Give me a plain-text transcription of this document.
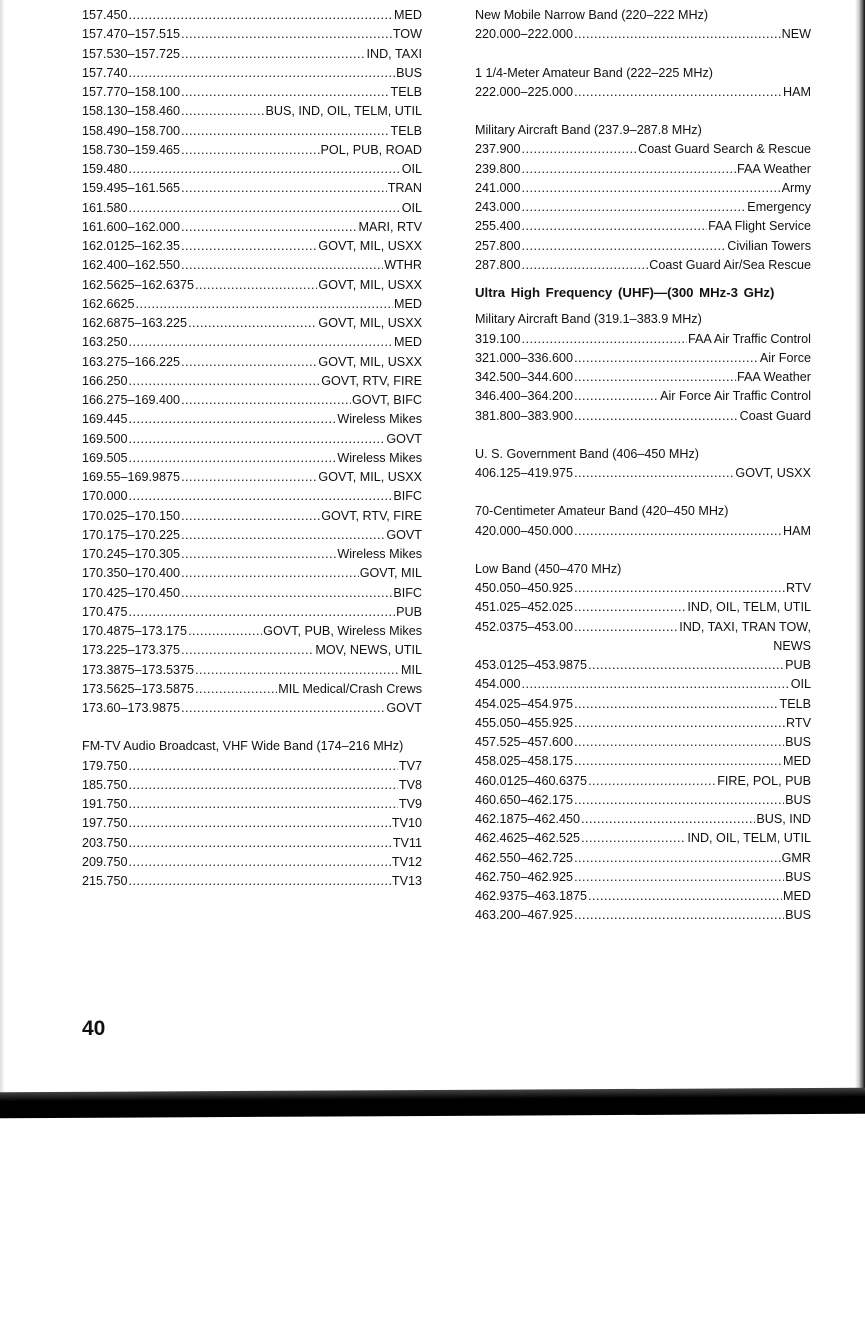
157.450 .....	MED
157.470–157.515 .....	TOW
157.530–157.725 .....	IND, TAXI
157.740 .....	BUS
157.770–158.100 .....	TELB
158.130–158.460 .....	BUS, IND, OIL, TELM, UTIL
158.490–158.700 .....	TELB
158.730–159.465 .....	POL, PUB, ROAD
159.480 .....	OIL
159.495–161.565 .....	TRAN
161.580 .....	OIL
161.600–162.000 .....	MARI, RTV
162.0125–162.35 .....	GOVT, MIL, USXX
162.400–162.550 .....	WTHR
162.5625–162.6375 .....	GOVT, MIL, USXX
162.6625 .....	MED
162.6875–163.225 .....	GOVT, MIL, USXX
163.250 .....	MED
163.275–166.225 .....	GOVT, MIL, USXX
166.250 .....	GOVT, RTV, FIRE
166.275–169.400 .....	GOVT, BIFC
169.445 .....	Wireless Mikes
169.500 .....	GOVT
169.505 .....	Wireless Mikes
169.55–169.9875 .....	GOVT, MIL, USXX
170.000 .....	BIFC
170.025–170.150 .....	GOVT, RTV, FIRE
170.175–170.225 .....	GOVT
170.245–170.305 .....	Wireless Mikes
170.350–170.400 .....	GOVT, MIL
170.425–170.450 .....	BIFC
170.475 .....	PUB
170.4875–173.175 .....	GOVT, PUB, Wireless Mikes
173.225–173.375 .....	MOV, NEWS, UTIL
173.3875–173.5375 .....	MIL
173.5625–173.5875 .....	MIL Medical/Crash Crews
173.60–173.9875 .....	GOVT
FM-TV Audio Broadcast, VHF Wide Band (174–216 MHz)
179.750 .....	TV7
185.750 .....	TV8
191.750 .....	TV9
197.750 .....	TV10
203.750 .....	TV11
209.750 .....	TV12
215.750 .....	TV13
New Mobile Narrow Band (220–222 MHz)
220.000–222.000 .....	NEW
1 1/4-Meter Amateur Band (222–225 MHz)
222.000–225.000 .....	HAM
Military Aircraft Band (237.9–287.8 MHz)
237.900 .....	Coast Guard Search & Rescue
239.800 .....	FAA Weather
241.000 .....	Army
243.000 .....	Emergency
255.400 .....	FAA Flight Service
257.800 .....	Civilian Towers
287.800 .....	Coast Guard Air/Sea Rescue
Ultra High Frequency (UHF)—(300 MHz-3 GHz)
Military Aircraft Band (319.1–383.9 MHz)
319.100 .....	FAA Air Traffic Control
321.000–336.600 .....	Air Force
342.500–344.600 .....	FAA Weather
346.400–364.200 .....	Air Force Air Traffic Control
381.800–383.900 .....	Coast Guard
U. S. Government Band (406–450 MHz)
406.125–419.975 .....	GOVT, USXX
70-Centimeter Amateur Band (420–450 MHz)
420.000–450.000 .....	HAM
Low Band (450–470 MHz)
450.050–450.925 .....	RTV
451.025–452.025 .....	IND, OIL, TELM, UTIL
452.0375–453.00 .....	IND, TAXI, TRAN TOW,
NEWS
453.0125–453.9875 .....	PUB
454.000 .....	OIL
454.025–454.975 .....	TELB
455.050–455.925 .....	RTV
457.525–457.600 .....	BUS
458.025–458.175 .....	MED
460.0125–460.6375 .....	FIRE, POL, PUB
460.650–462.175 .....	BUS
462.1875–462.450 .....	BUS, IND
462.4625–462.525 .....	IND, OIL, TELM, UTIL
462.550–462.725 .....	GMR
462.750–462.925 .....	BUS
462.9375–463.1875 .....	MED
463.200–467.925 .....	BUS
40
